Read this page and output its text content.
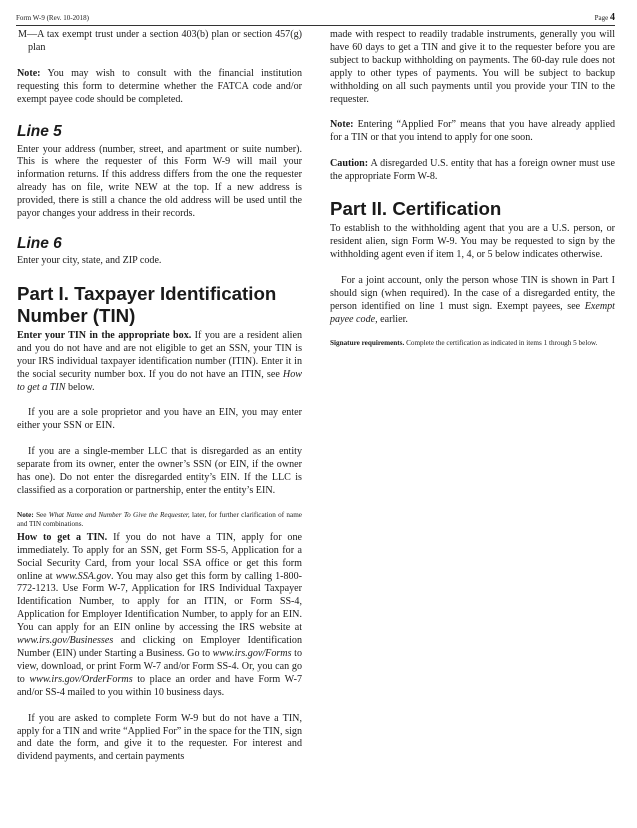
Form W-9 (Rev. 10-2018)	Page 4

M—A tax exempt trust under a section 403(b) plan or section 457(g) plan

Note: You may wish to consult with the financial institution requesting this form to determine whether the FATCA code and/or exempt payee code should be completed.

Line 5

Enter your address (number, street, and apartment or suite number). This is where the requester of this Form W-9 will mail your information returns. If this address differs from the one the requester already has on file, write NEW at the top. If a new address is provided, there is still a chance the old address will be used until the payor changes your address in their records.

Line 6

Enter your city, state, and ZIP code.

Part I. Taxpayer Identification Number (TIN)

Enter your TIN in the appropriate box. If you are a resident alien and you do not have and are not eligible to get an SSN, your TIN is your IRS individual taxpayer identification number (ITIN). Enter it in the social security number box. If you do not have an ITIN, see How to get a TIN below.

If you are a sole proprietor and you have an EIN, you may enter either your SSN or EIN.

If you are a single-member LLC that is disregarded as an entity separate from its owner, enter the owner’s SSN (or EIN, if the owner has one). Do not enter the disregarded entity’s EIN. If the LLC is classified as a corporation or partnership, enter the entity’s EIN.

Note: See What Name and Number To Give the Requester, later, for further clarification of name and TIN combinations.

How to get a TIN. If you do not have a TIN, apply for one immediately. To apply for an SSN, get Form SS-5, Application for a Social Security Card, from your local SSA office or get this form online at www.SSA.gov. You may also get this form by calling 1-800-772-1213. Use Form W-7, Application for IRS Individual Taxpayer Identification Number, to apply for an ITIN, or Form SS-4, Application for Employer Identification Number, to apply for an EIN. You can apply for an EIN online by accessing the IRS website at www.irs.gov/Businesses and clicking on Employer Identification Number (EIN) under Starting a Business. Go to www.irs.gov/Forms to view, download, or print Form W-7 and/or Form SS-4. Or, you can go to www.irs.gov/OrderForms to place an order and have Form W-7 and/or SS-4 mailed to you within 10 business days.

If you are asked to complete Form W-9 but do not have a TIN, apply for a TIN and write “Applied For” in the space for the TIN, sign and date the form, and give it to the requester. For interest and dividend payments, and certain payments

made with respect to readily tradable instruments, generally you will have 60 days to get a TIN and give it to the requester before you are subject to backup withholding on payments. The 60-day rule does not apply to other types of payments. You will be subject to backup withholding on all such payments until you provide your TIN to the requester.

Note: Entering “Applied For” means that you have already applied for a TIN or that you intend to apply for one soon.

Caution: A disregarded U.S. entity that has a foreign owner must use the appropriate Form W-8.

Part II. Certification

To establish to the withholding agent that you are a U.S. person, or resident alien, sign Form W-9. You may be requested to sign by the withholding agent even if item 1, 4, or 5 below indicates otherwise.

For a joint account, only the person whose TIN is shown in Part I should sign (when required). In the case of a disregarded entity, the person identified on line 1 must sign. Exempt payees, see Exempt payee code, earlier.

Signature requirements. Complete the certification as indicated in items 1 through 5 below.
